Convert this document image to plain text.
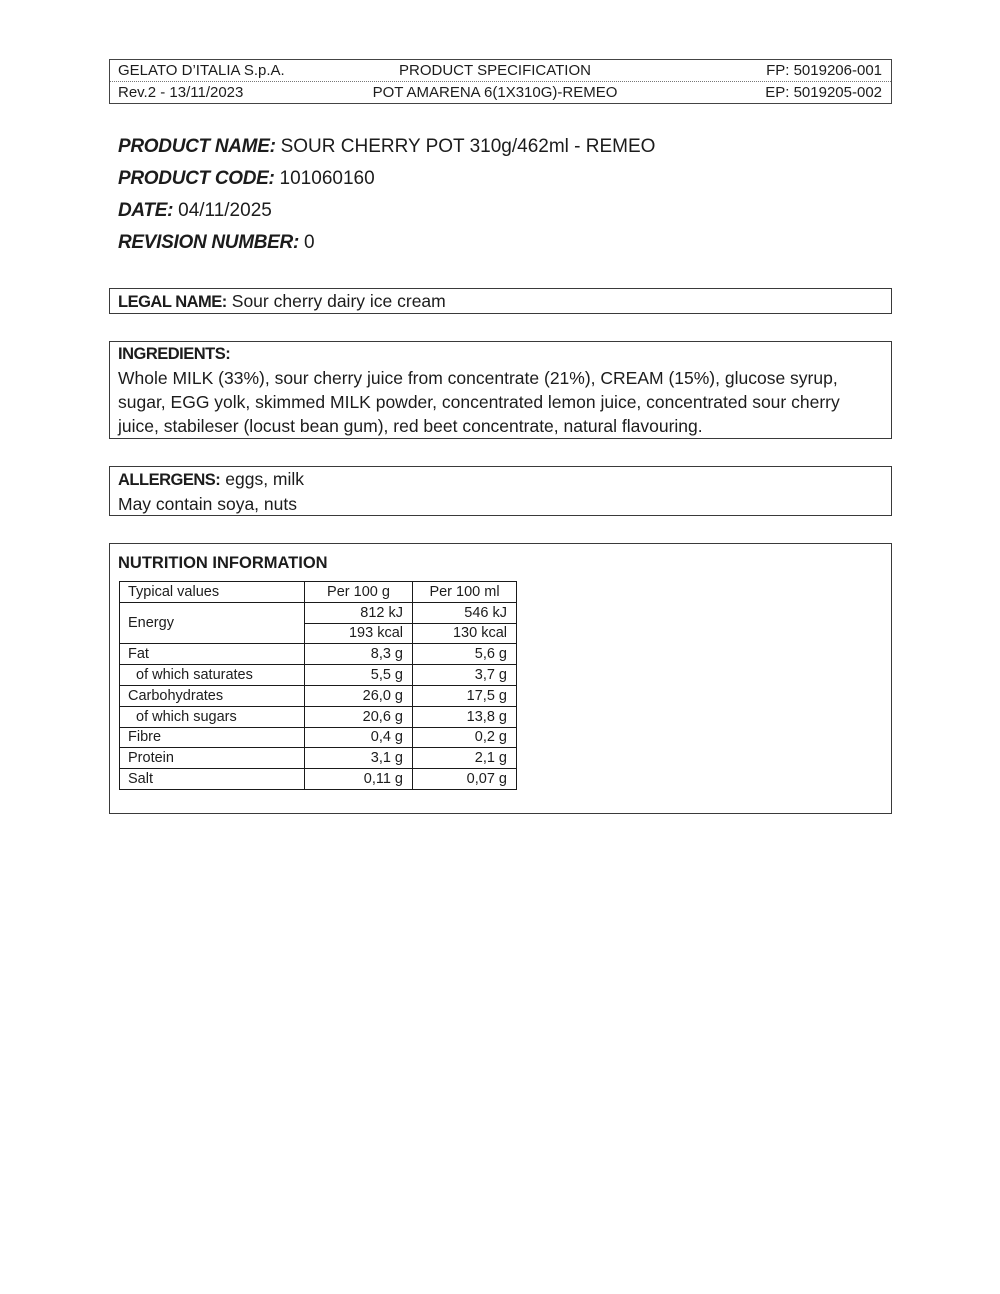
GELATO D’ITALIA S.p.A.	PRODUCT SPECIFICATION	FP: 5019206-001
Rev.2 - 13/11/2023	POT AMARENA 6(1X310G)-REMEO	EP: 5019205-002
PRODUCT NAME: SOUR CHERRY POT 310g/462ml - REMEO
PRODUCT CODE: 101060160
DATE: 04/11/2025
REVISION NUMBER: 0
LEGAL NAME: Sour cherry dairy ice cream
INGREDIENTS:

Whole MILK (33%), sour cherry juice from concentrate (21%), CREAM (15%), glucose syrup, sugar, EGG yolk, skimmed MILK powder, concentrated lemon juice, concentrated sour cherry juice, stabileser (locust bean gum), red beet concentrate, natural flavouring.

ALLERGENS: eggs, milk
May contain soya, nuts
NUTRITION INFORMATION
Typical values	Per 100 g	Per 100 ml
Energy	812 kJ	546 kJ
	193 kcal	130 kcal
Fat	8,3 g	5,6 g
of which saturates	5,5 g	3,7 g
Carbohydrates	26,0 g	17,5 g
of which sugars	20,6 g	13,8 g
Fibre	0,4 g	0,2 g
Protein	3,1 g	2,1 g
Salt	0,11 g	0,07 g
